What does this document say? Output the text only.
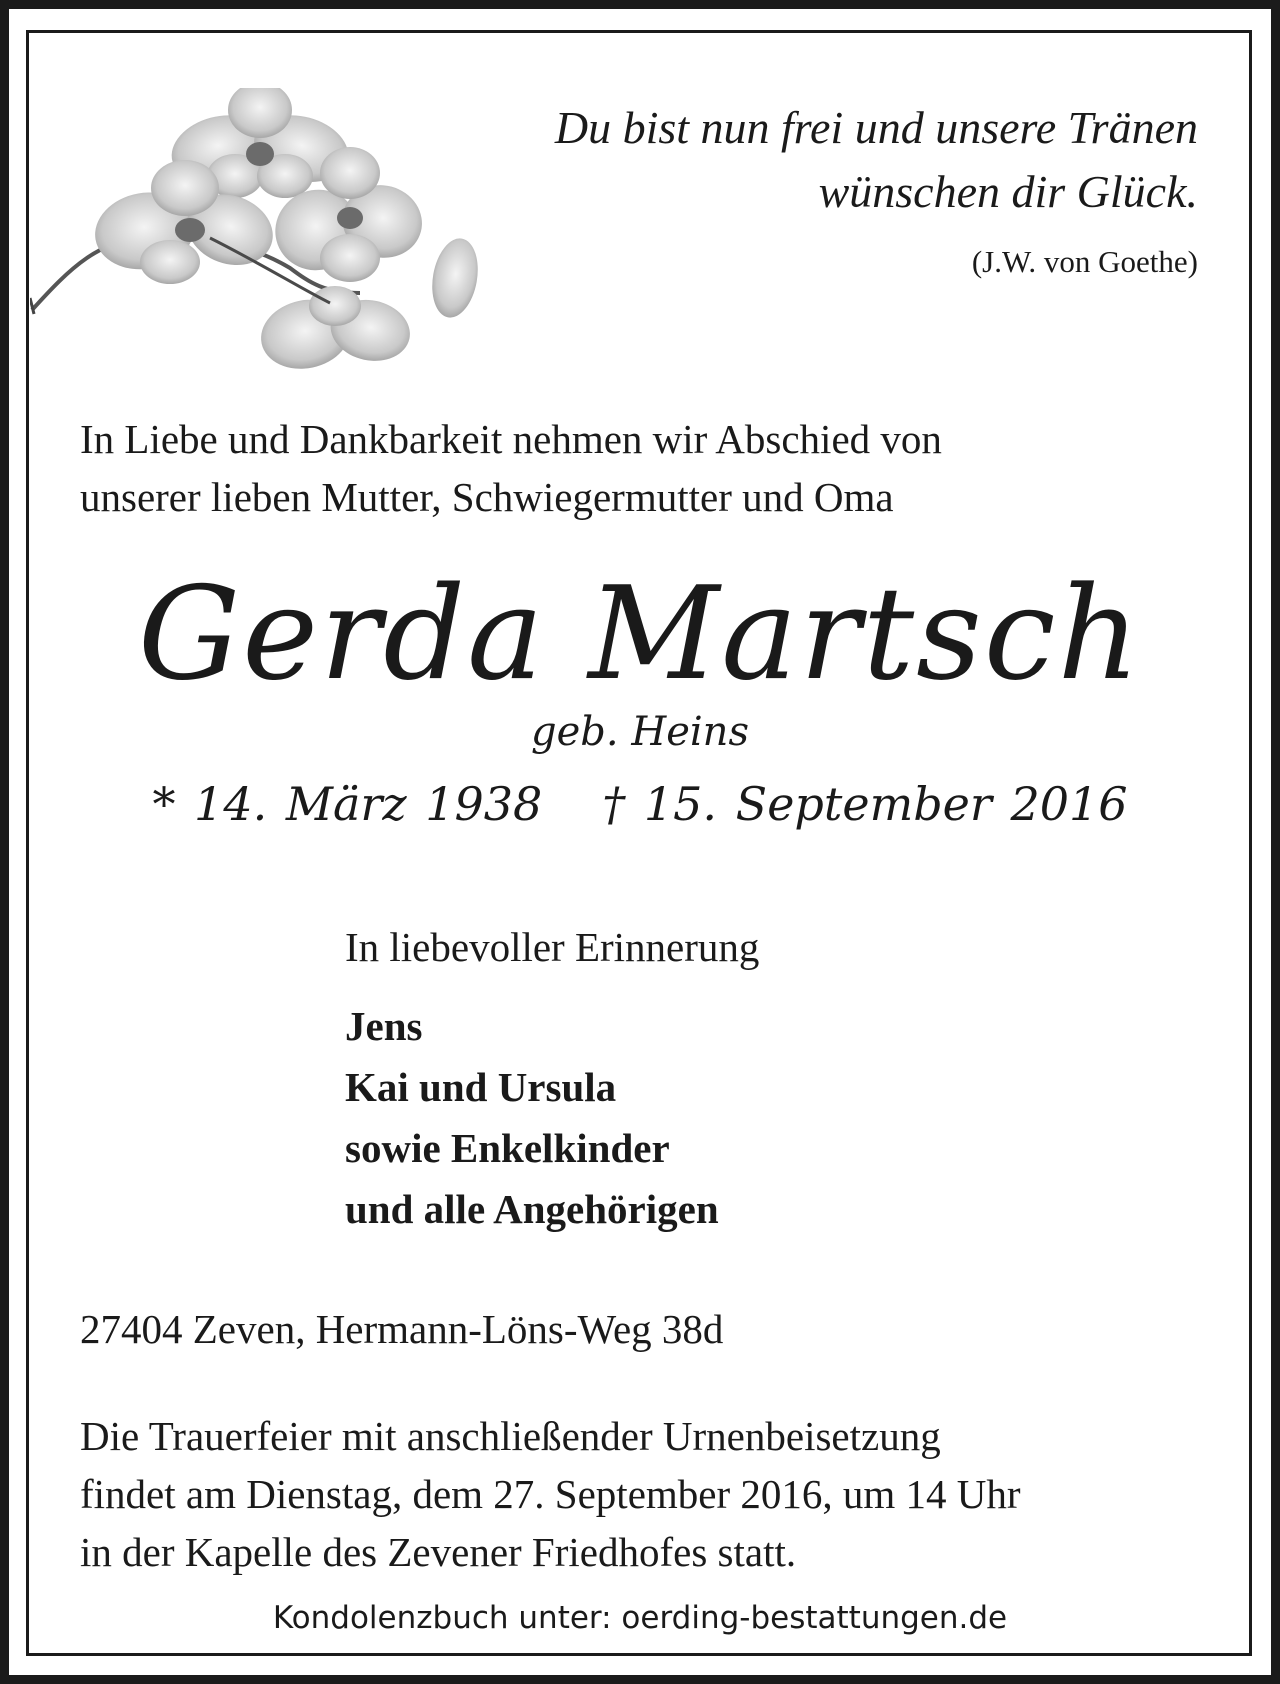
Du bist nun frei und unsere Tränen
wünschen dir Glück.
(J.W. von Goethe)
In Liebe und Dankbarkeit nehmen wir Abschied von
unserer lieben Mutter, Schwiegermutter und Oma
Gerda Martsch
geb. Heins
* 14. März 1938 † 15. September 2016
In liebevoller Erinnerung
Jens
Kai und Ursula
sowie Enkelkinder
und alle Angehörigen
27404 Zeven, Hermann-Löns-Weg 38d
Die Trauerfeier mit anschließender Urnenbeisetzung
findet am Dienstag, dem 27. September 2016, um 14 Uhr
in der Kapelle des Zevener Friedhofes statt.
Kondolenzbuch unter: oerding-bestattungen.de
